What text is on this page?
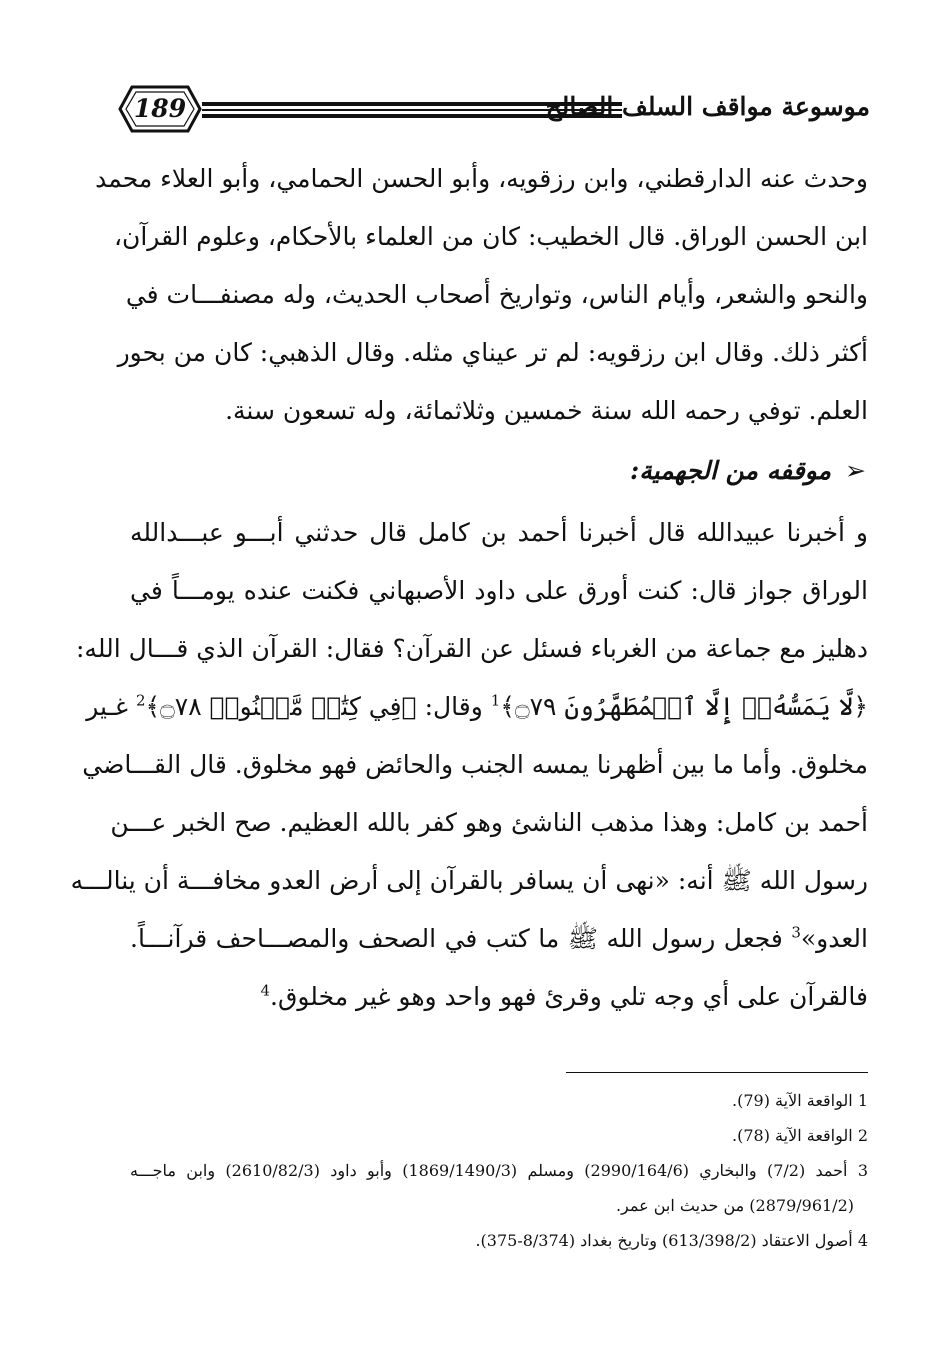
189	موسوعة مواقف السلف الصالح
وحدث عنه الدارقطني، وابن رزقويه، وأبو الحسن الحمامي، وأبو العلاء محمد
ابن الحسن الوراق. قال الخطيب: كان من العلماء بالأحكام، وعلوم القرآن،
والنحو والشعر، وأيام الناس، وتواريخ أصحاب الحديث، وله مصنفـــات في
أكثر ذلك. وقال ابن رزقويه: لم تر عيناي مثله. وقال الذهبي: كان من بحور
العلم. توفي رحمه الله سنة خمسين وثلاثمائة، وله تسعون سنة.
➢موقفه من الجهمية:
و أخبرنا عبيدالله قال أخبرنا أحمد بن كامل قال حدثني أبـــو عبـــدالله
الوراق جواز قال: كنت أورق على داود الأصبهاني فكنت عنده يومـــاً في
دهليز مع جماعة من الغرباء فسئل عن القرآن؟ فقال: القرآن الذي قـــال الله:
﴿لَّا يَمَسُّهُۥٓ إِلَّا ٱلۡمُطَهَّرُونَ ۝٧٩﴾$^1$ وقال: ﴿فِي كِتَٰبٖ مَّكۡنُونٖ ۝٧٨﴾$^2$ غـير
مخلوق. وأما ما بين أظهرنا يمسه الجنب والحائض فهو مخلوق. قال القـــاضي
أحمد بن كامل: وهذا مذهب الناشئ وهو كفر بالله العظيم. صح الخبر عـــن
رسول الله ﷺ أنه: «نهى أن يسافر بالقرآن إلى أرض العدو مخافـــة أن ينالـــه
العدو»$^3$ فجعل رسول الله ﷺ ما كتب في الصحف والمصـــاحف قرآنـــاً.
فالقرآن على أي وجه تلي وقرئ فهو واحد وهو غير مخلوق.$^4$
1 الواقعة الآية (79).
2 الواقعة الآية (78).
3 أحمد (7/2) والبخاري (2990/164/6) ومسلم (1869/1490/3) وأبو داود (2610/82/3) وابن ماجـــه
(2879/961/2) من حديث ابن عمر.
4 أصول الاعتقاد (613/398/2) وتاريخ بغداد (8/374-375).
